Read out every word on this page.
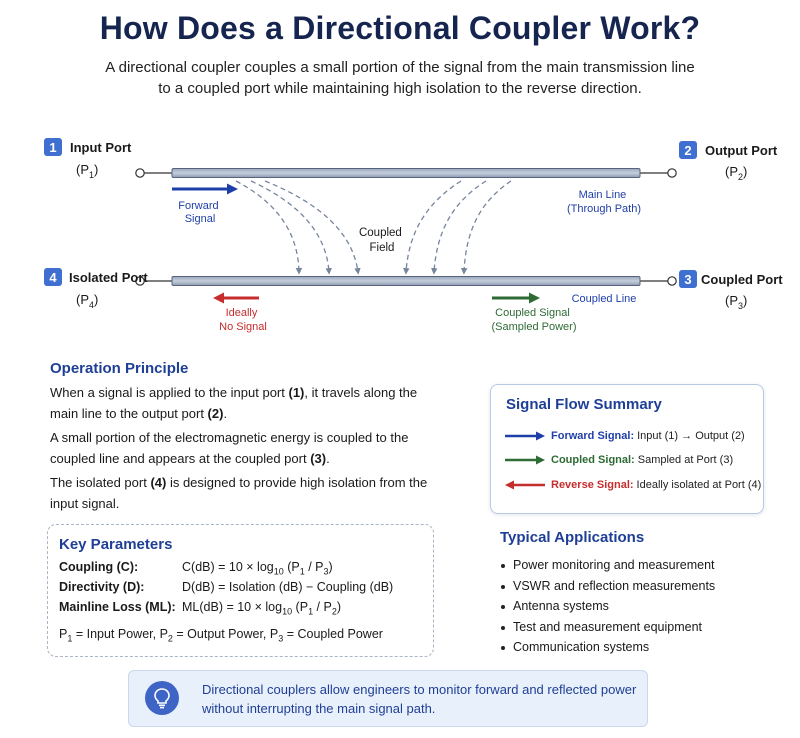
How Does a Directional Coupler Work?
A directional coupler couples a small portion of the signal from the main transmission line to a coupled port while maintaining high isolation to the reverse direction.
1 Input Port
$(P_1)$
2 Output Port
$(P_2)$
4 Isolated Port
$(P_4)$
3 Coupled Port
$(P_3)$
Forward Signal
Coupled Field
Main Line (Through Path)
Coupled Line
Ideally No Signal
Coupled Signal (Sampled Power)
Operation Principle
When a signal is applied to the input port (1), it travels along the main line to the output port (2).
A small portion of the electromagnetic energy is coupled to the coupled line and appears at the coupled port (3).
The isolated port (4) is designed to provide high isolation from the input signal.
Signal Flow Summary
Forward Signal: Input (1) → Output (2)
Coupled Signal: Sampled at Port (3)
Reverse Signal: Ideally isolated at Port (4)
Key Parameters
Coupling (C):	$C(dB) = 10 \times \log_{10} (P_1 / P_3)$
Directivity (D):	D(dB) = Isolation (dB) − Coupling (dB)
Mainline Loss (ML): $ML(dB) = 10 \times \log_{10} (P_1 / P_2)$
$P_1$ = Input Power, $P_2$ = Output Power, $P_3$ = Coupled Power
Typical Applications
Power monitoring and measurement
VSWR and reflection measurements
Antenna systems
Test and measurement equipment
Communication systems
Directional couplers allow engineers to monitor forward and reflected power without interrupting the main signal path.
